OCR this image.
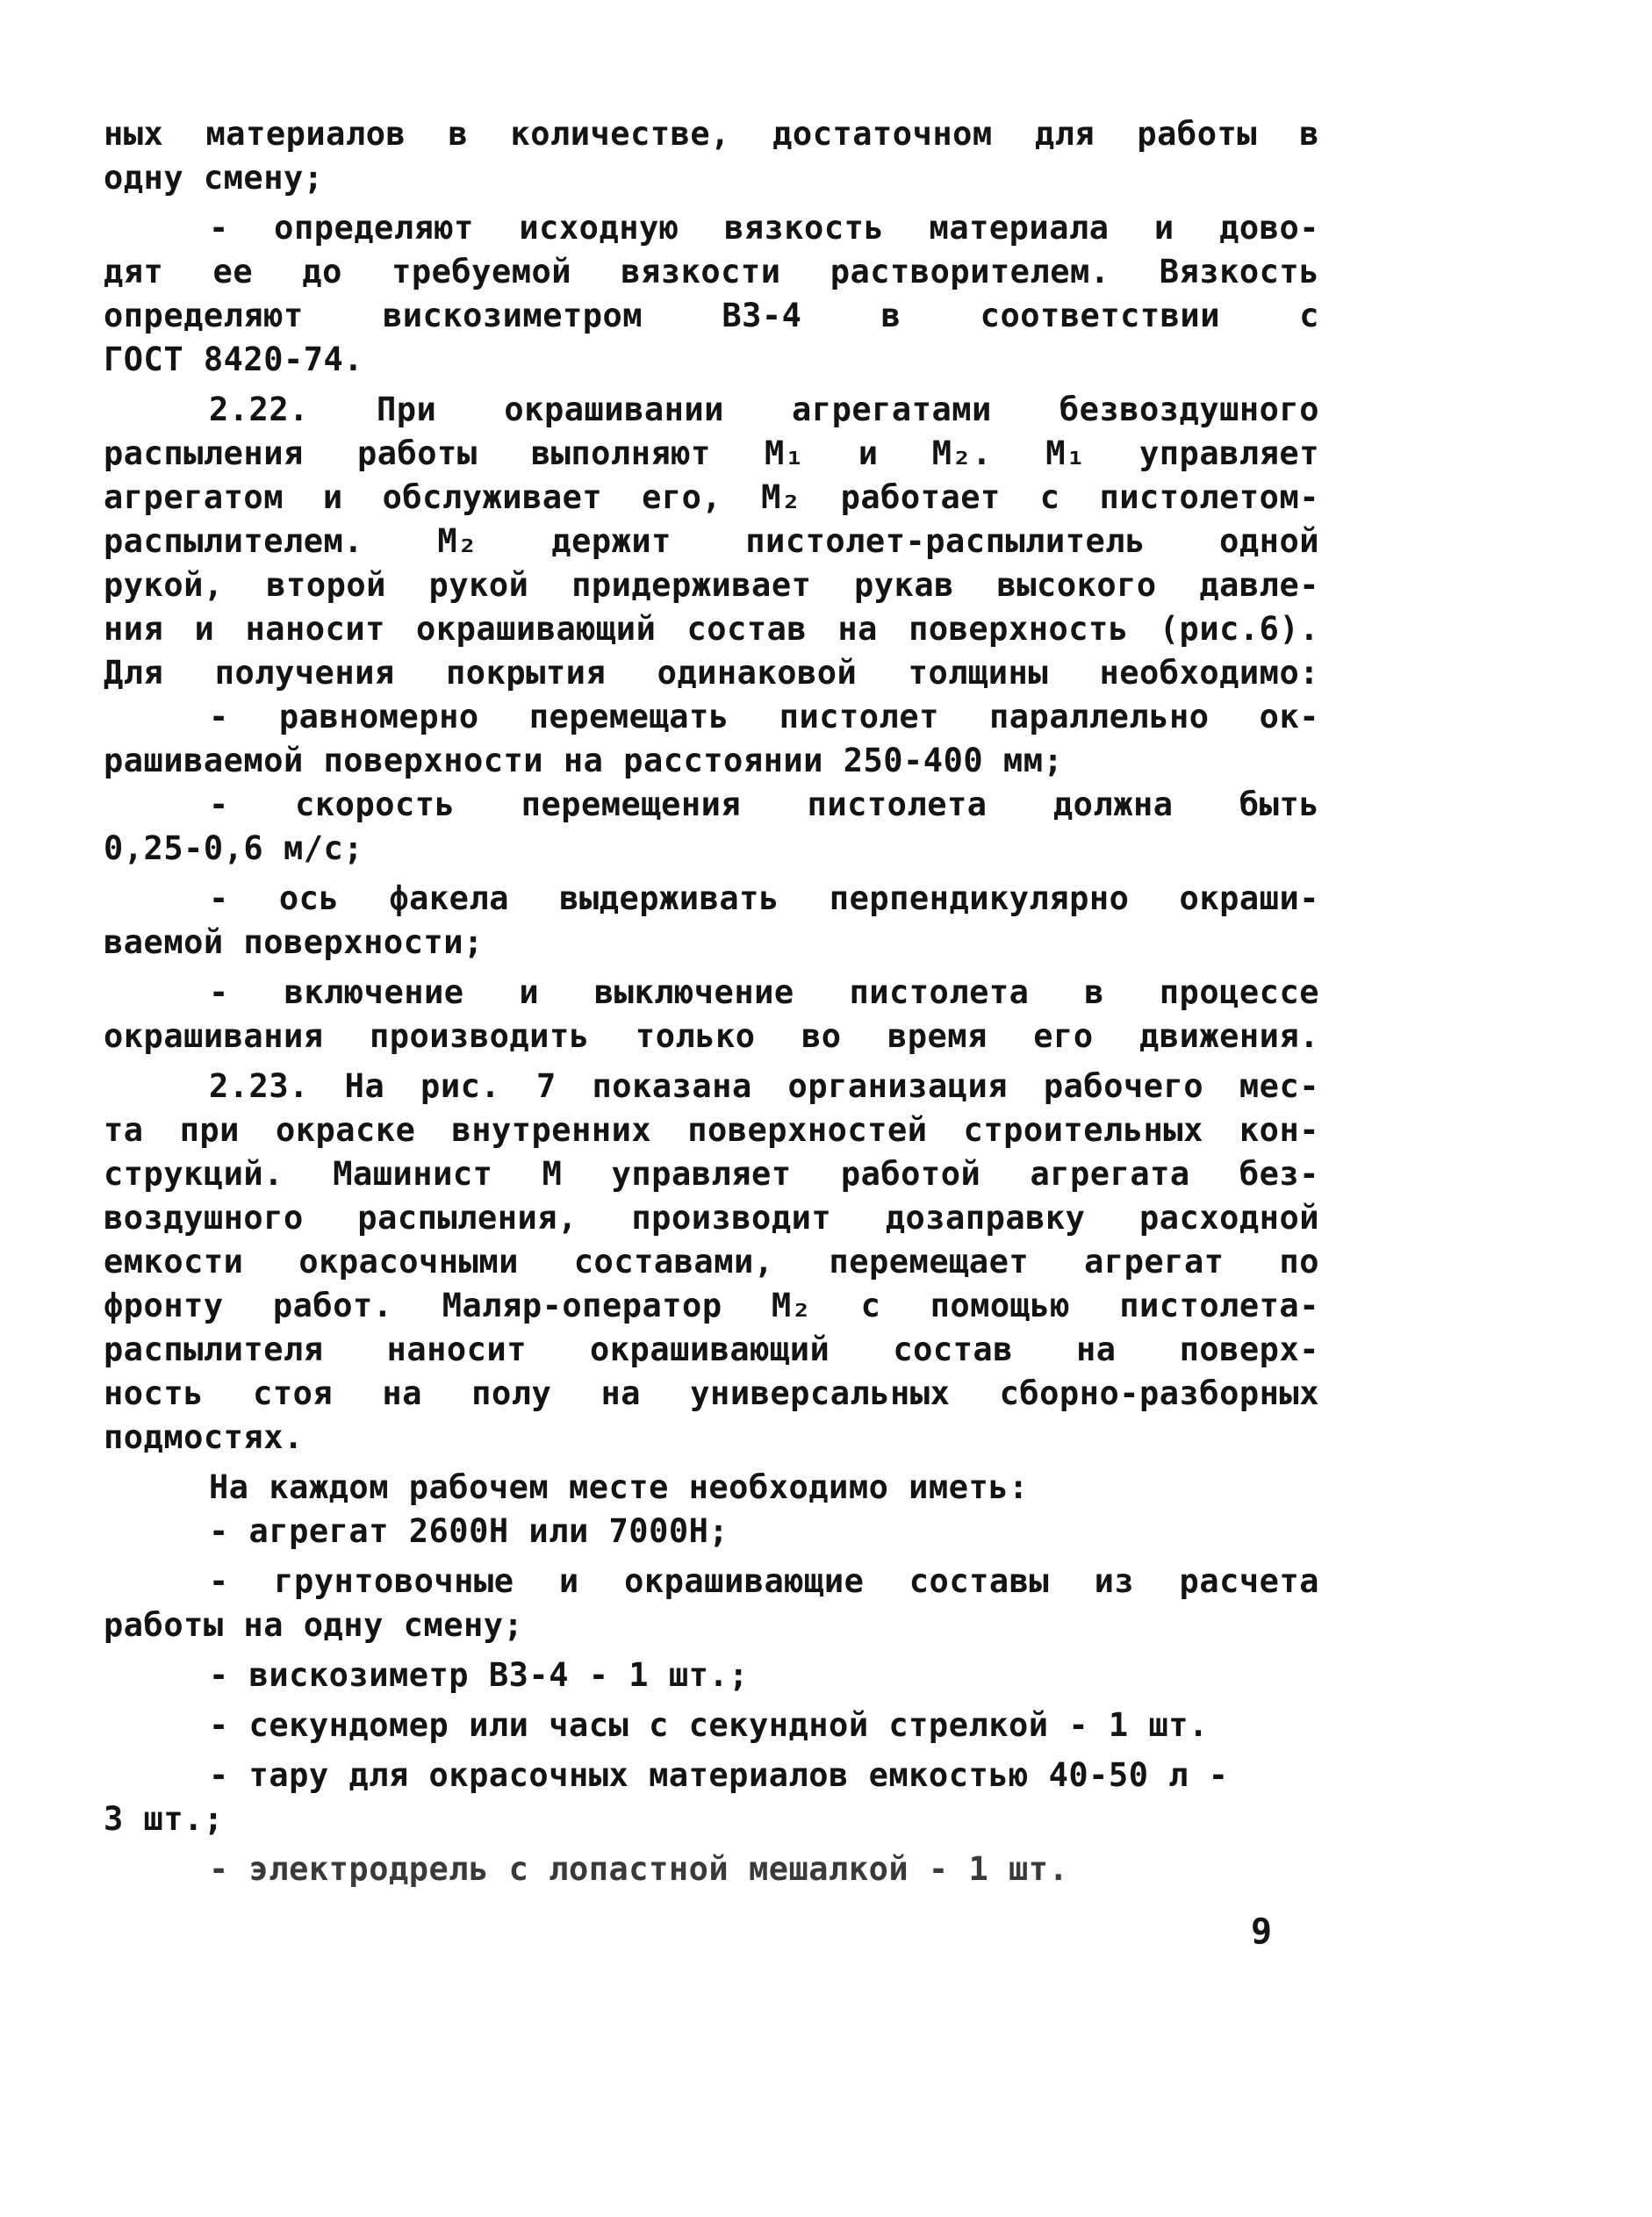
ных материалов в количестве, достаточном для работы в
одну смену;
- определяют исходную вязкость материала и дово-
дят ее до требуемой вязкости растворителем. Вязкость
определяют вискозиметром ВЗ-4 в соответствии с
ГОСТ 8420-74.
2.22. При окрашивании агрегатами безвоздушного
распыления работы выполняют М₁ и М₂. М₁ управляет
агрегатом и обслуживает его, М₂ работает с пистолетом-
распылителем. М₂ держит пистолет-распылитель одной
рукой, второй рукой придерживает рукав высокого давле-
ния и наносит окрашивающий состав на поверхность (рис.6).
Для получения покрытия одинаковой толщины необходимо:
- равномерно перемещать пистолет параллельно ок-
рашиваемой поверхности на расстоянии 250-400 мм;
- скорость перемещения пистолета должна быть
0,25-0,6 м/с;
- ось факела выдерживать перпендикулярно окраши-
ваемой поверхности;
- включение и выключение пистолета в процессе
окрашивания производить только во время его движения.
2.23. На рис. 7 показана организация рабочего мес-
та при окраске внутренних поверхностей строительных кон-
струкций. Машинист М управляет работой агрегата без-
воздушного распыления, производит дозаправку расходной
емкости окрасочными составами, перемещает агрегат по
фронту работ. Маляр-оператор М₂ с помощью пистолета-
распылителя наносит окрашивающий состав на поверх-
ность стоя на полу на универсальных сборно-разборных
подмостях.
На каждом рабочем месте необходимо иметь:
- агрегат 2600Н или 7000Н;
- грунтовочные и окрашивающие составы из расчета
работы на одну смену;
- вискозиметр ВЗ-4 - 1 шт.;
- секундомер или часы с секундной стрелкой - 1 шт.
- тару для окрасочных материалов емкостью 40-50 л -
3 шт.;
- электродрель с лопастной мешалкой - 1 шт.
9
